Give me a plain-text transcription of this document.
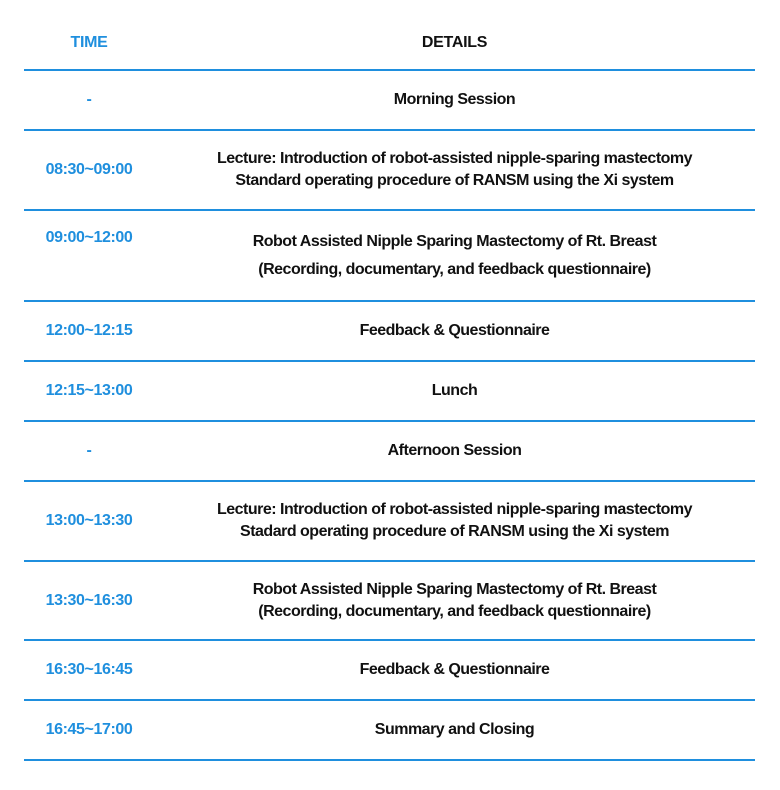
TIME	DETAILS
-	Morning Session
08:30~09:00
Lecture: Introduction of robot-assisted nipple-sparing mastectomy
Standard operating procedure of RANSM using the Xi system
09:00~12:00	Robot Assisted Nipple Sparing Mastectomy of Rt. Breast
(Recording, documentary, and feedback questionnaire)
12:00~12:15	Feedback & Questionnaire
12:15~13:00	Lunch
-	Afternoon Session
13:00~13:30
Lecture: Introduction of robot-assisted nipple-sparing mastectomy
Stadard operating procedure of RANSM using the Xi system
13:30~16:30
Robot Assisted Nipple Sparing Mastectomy of Rt. Breast
(Recording, documentary, and feedback questionnaire)
16:30~16:45	Feedback & Questionnaire
16:45~17:00	Summary and Closing
